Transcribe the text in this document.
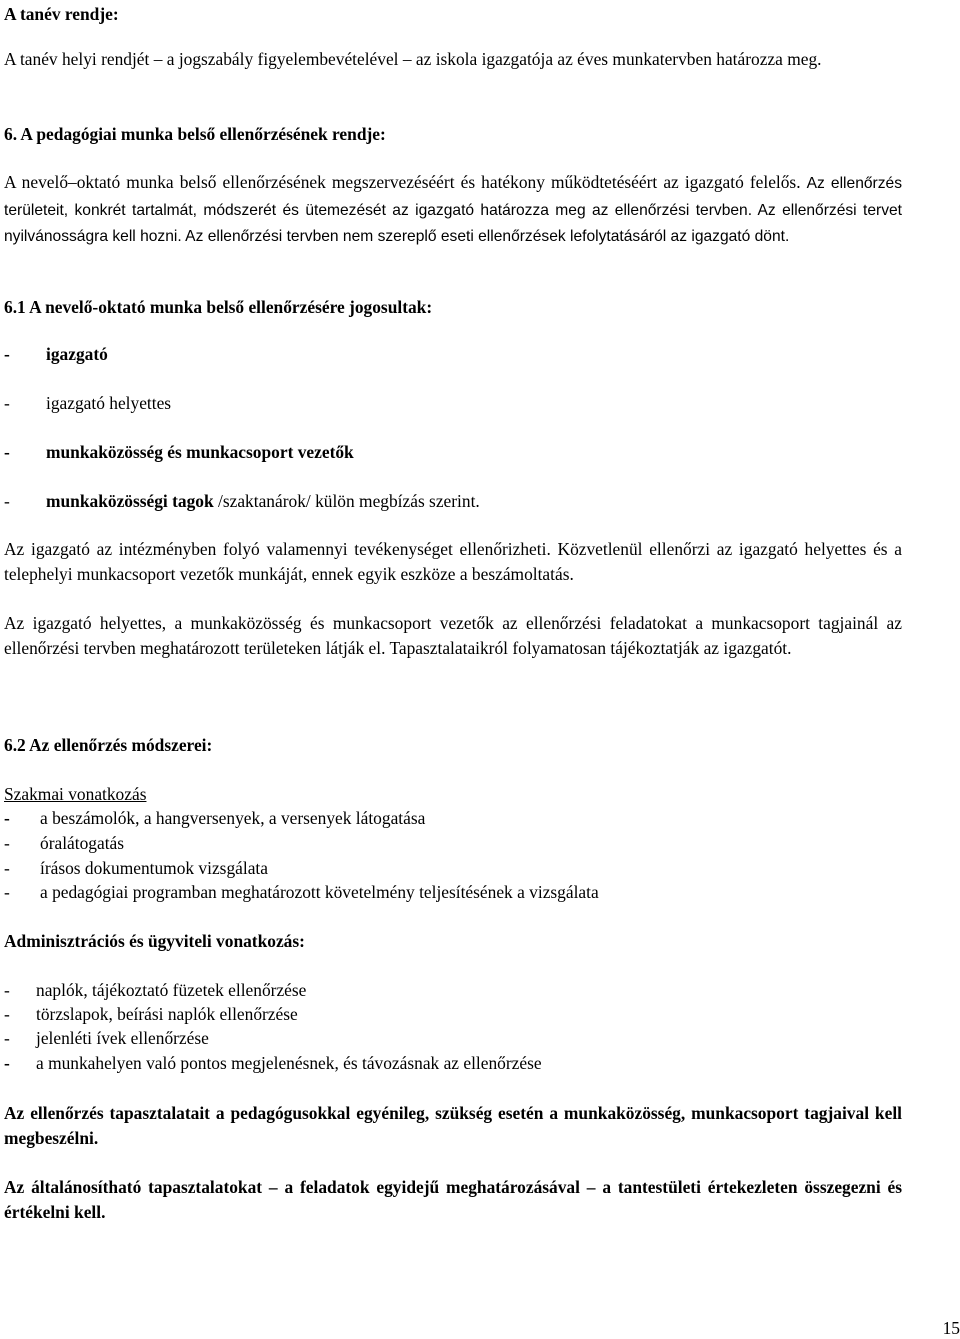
A tanév rendje:
A tanév helyi rendjét – a jogszabály figyelembevételével – az iskola igazgatója az éves munkatervben határozza meg.
6. A pedagógiai munka belső ellenőrzésének rendje:
A nevelő–oktató munka belső ellenőrzésének megszervezéséért és hatékony működtetéséért az igazgató felelős. Az ellenőrzés területeit, konkrét tartalmát, módszerét és ütemezését az igazgató határozza meg az ellenőrzési tervben. Az ellenőrzési tervet nyilvánosságra kell hozni. Az ellenőrzési tervben nem szereplő eseti ellenőrzések lefolytatásáról az igazgató dönt.
6.1 A nevelő-oktató munka belső ellenőrzésére jogosultak:
- igazgató
- igazgató helyettes
- munkaközösség és munkacsoport vezetők
- munkaközösségi tagok /szaktanárok/ külön megbízás szerint.
Az igazgató az intézményben folyó valamennyi tevékenységet ellenőrizheti. Közvetlenül ellenőrzi az igazgató helyettes és a telephelyi munkacsoport vezetők munkáját, ennek egyik eszköze a beszámoltatás.
Az igazgató helyettes, a munkaközösség és munkacsoport vezetők az ellenőrzési feladatokat a munkacsoport tagjainál az ellenőrzési tervben meghatározott területeken látják el. Tapasztalataikról folyamatosan tájékoztatják az igazgatót.
6.2 Az ellenőrzés módszerei:
Szakmai vonatkozás
- a beszámolók, a hangversenyek, a versenyek látogatása
- óralátogatás
- írásos dokumentumok vizsgálata
- a pedagógiai programban meghatározott követelmény teljesítésének a vizsgálata
Adminisztrációs és ügyviteli vonatkozás:
- naplók, tájékoztató füzetek ellenőrzése
- törzslapok, beírási naplók ellenőrzése
- jelenléti ívek ellenőrzése
- a munkahelyen való pontos megjelenésnek, és távozásnak az ellenőrzése
Az ellenőrzés tapasztalatait a pedagógusokkal egyénileg, szükség esetén a munkaközösség, munkacsoport tagjaival kell megbeszélni.
Az általánosítható tapasztalatokat – a feladatok egyidejű meghatározásával – a tantestületi értekezleten összegezni és értékelni kell.
15
